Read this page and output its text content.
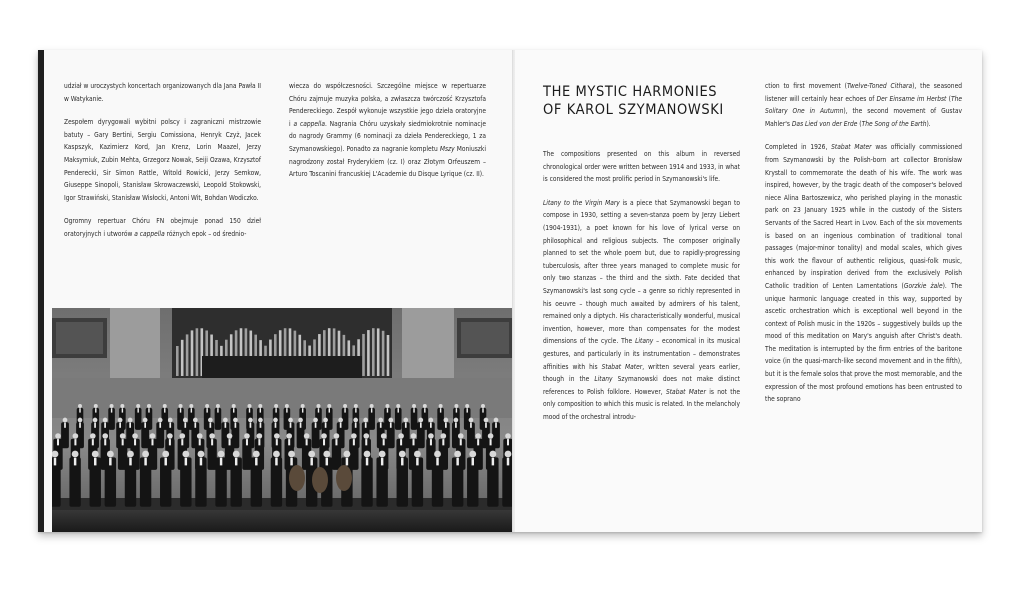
udział w uroczystych koncertach organizowanych dla Jana Pawła II w Watykanie.

Zespołem dyrygowali wybitni polscy i zagraniczni mistrzowie batuty – Gary Bertini, Sergiu Comissiona, Henryk Czyż, Jacek Kaspszyk, Kazimierz Kord, Jan Krenz, Lorin Maazel, Jerzy Maksymiuk, Zubin Mehta, Grzegorz Nowak, Seiji Ozawa, Krzysztof Penderecki, Sir Simon Rattle, Witold Rowicki, Jerzy Semkow, Giuseppe Sinopoli, Stanisław Skrowaczewski, Leopold Stokowski, Igor Strawiński, Stanisław Wisłocki, Antoni Wit, Bohdan Wodiczko.

Ogromny repertuar Chóru FN obejmuje ponad 150 dzieł oratoryjnych i utworów a cappella różnych epok – od średnio-

wiecza do współczesności. Szczególne miejsce w repertuarze Chóru zajmuje muzyka polska, a zwłaszcza twórczość Krzysztofa Pendereckiego. Zespół wykonuje wszystkie jego dzieła oratoryjne i a cappella. Nagrania Chóru uzyskały siedmiokrotnie nominacje do nagrody Grammy (6 nominacji za dzieła Pendereckiego, 1 za Szymanowskiego). Ponadto za nagranie kompletu Mszy Moniuszki nagrodzony został Fryderykiem (cz. I) oraz Złotym Orfeuszem – Arturo Toscanini francuskiej L'Academie du Disque Lyrique (cz. II).

THE MYSTIC HARMONIES
OF KAROL SZYMANOWSKI

The compositions presented on this album in reversed chronological order were written between 1914 and 1933, in what is considered the most prolific period in Szymanowski's life.

Litany to the Virgin Mary is a piece that Szymanowski began to compose in 1930, setting a seven-stanza poem by Jerzy Liebert (1904-1931), a poet known for his love of lyrical verse on philosophical and religious subjects. The composer originally planned to set the whole poem but, due to rapidly-progressing tuberculosis, after three years managed to complete music for only two stanzas – the third and the sixth. Fate decided that Szymanowski's last song cycle – a genre so richly represented in his oeuvre – though much awaited by admirers of his talent, remained only a diptych. His characteristically wonderful, musical invention, however, more than compensates for the modest dimensions of the cycle. The Litany – economical in its musical gestures, and particularly in its instrumentation – demonstrates affinities with his Stabat Mater, written several years earlier, though in the Litany Szymanowski does not make distinct references to Polish folklore. However, Stabat Mater is not the only composition to which this music is related. In the melancholy mood of the orchestral introdu-

ction to first movement (Twelve-Toned Cithara), the seasoned listener will certainly hear echoes of Der Einsame im Herbst (The Solitary One in Autumn), the second movement of Gustav Mahler's Das Lied von der Erde (The Song of the Earth).

Completed in 1926, Stabat Mater was officially commissioned from Szymanowski by the Polish-born art collector Bronisław Krystall to commemorate the death of his wife. The work was inspired, however, by the tragic death of the composer's beloved niece Alina Bartoszewicz, who perished playing in the monastic park on 23 January 1925 while in the custody of the Sisters Servants of the Sacred Heart in Lvov. Each of the six movements is based on an ingenious combination of traditional tonal passages (major-minor tonality) and modal scales, which gives this work the flavour of authentic religious, quasi-folk music, enhanced by inspiration derived from the exclusively Polish Catholic tradition of Lenten Lamentations (Gorzkie żale). The unique harmonic language created in this way, supported by ascetic orchestration which is exceptional well beyond in the context of Polish music in the 1920s – suggestively builds up the mood of this meditation on Mary's anguish after Christ's death. The meditation is interrupted by the firm entries of the baritone voice (in the quasi-march-like second movement and in the fifth), but it is the female solos that prove the most memorable, and the expression of the most profound emotions has been entrusted to the soprano
